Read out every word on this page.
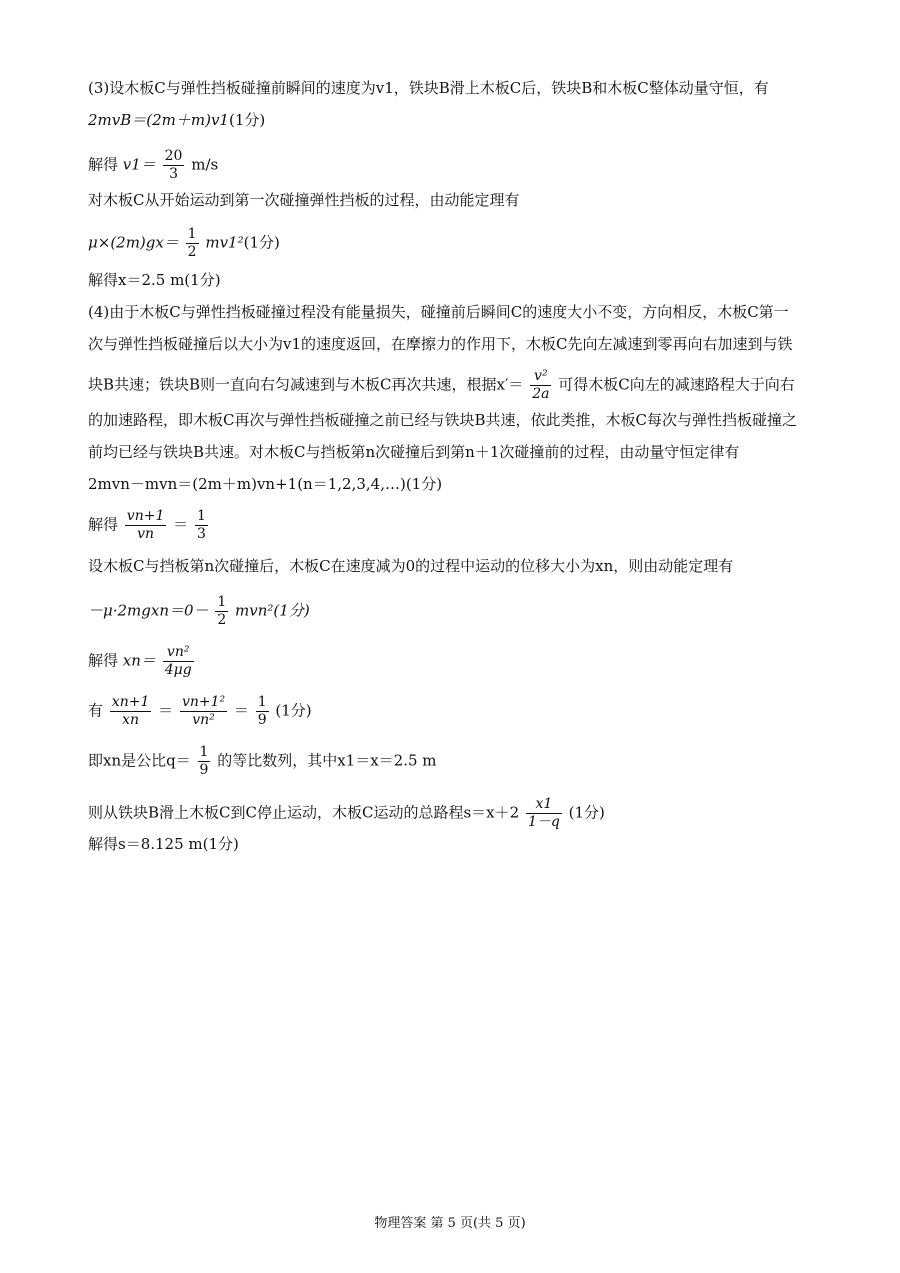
(3)设木板C与弹性挡板碰撞前瞬间的速度为v1，铁块B滑上木板C后，铁块B和木板C整体动量守恒，有
2mvB＝(2m＋m)v1(1分)
解得 $v1= \frac{20}{3} m/s$
对木板C从开始运动到第一次碰撞弹性挡板的过程，由动能定理有
$\mu\times(2m)gx= \frac{1}{2} mv1^2(1$分)
解得x＝2.5 m(1分)
(4)由于木板C与弹性挡板碰撞过程没有能量损失，碰撞前后瞬间C的速度大小不变，方向相反，木板C第一
次与弹性挡板碰撞后以大小为v1的速度返回，在摩擦力的作用下，木板C先向左减速到零再向右加速到与铁
块B共速；铁块B则一直向右匀减速到与木板C再次共速，根据$x'= \frac{\text{v²}}{2a}$ 可得木板C向左的减速路程大于向右
的加速路程，即木板C再次与弹性挡板碰撞之前已经与铁块B共速，依此类推，木板C每次与弹性挡板碰撞之
前均已经与铁块B共速。对木板C与挡板第n次碰撞后到第n＋1次碰撞前的过程，由动量守恒定律有
2mvn－mvn＝(2m＋m)vn+1(n＝1,2,3,4,…)(1分)
解得 $\frac{vn+1}{vn} = \frac{1}{3}$
设木板C与挡板第n次碰撞后，木板C在速度减为0的过程中运动的位移大小为xn，则由动能定理有
－μ·2mgxn＝0－ $\frac{1}{2} mvn^2(1$分)
解得 $xn= \frac{\text{vn²}}{4\mu g}$
有 $\frac{xn+1}{xn} = \frac{\text{vn+1²}}{\text{vn²}} = \frac{1}{9} (1$分)
即xn是公比$q= \frac{1}{9}$ 的等比数列，其中x1＝x＝2.5 m
则从铁块B滑上木板C到C停止运动，木板C运动的总路程$s=x+2 \frac{x1}{1-q} (1$分)
解得s＝8.125 m(1分)
物理答案 第 5 页(共 5 页)
